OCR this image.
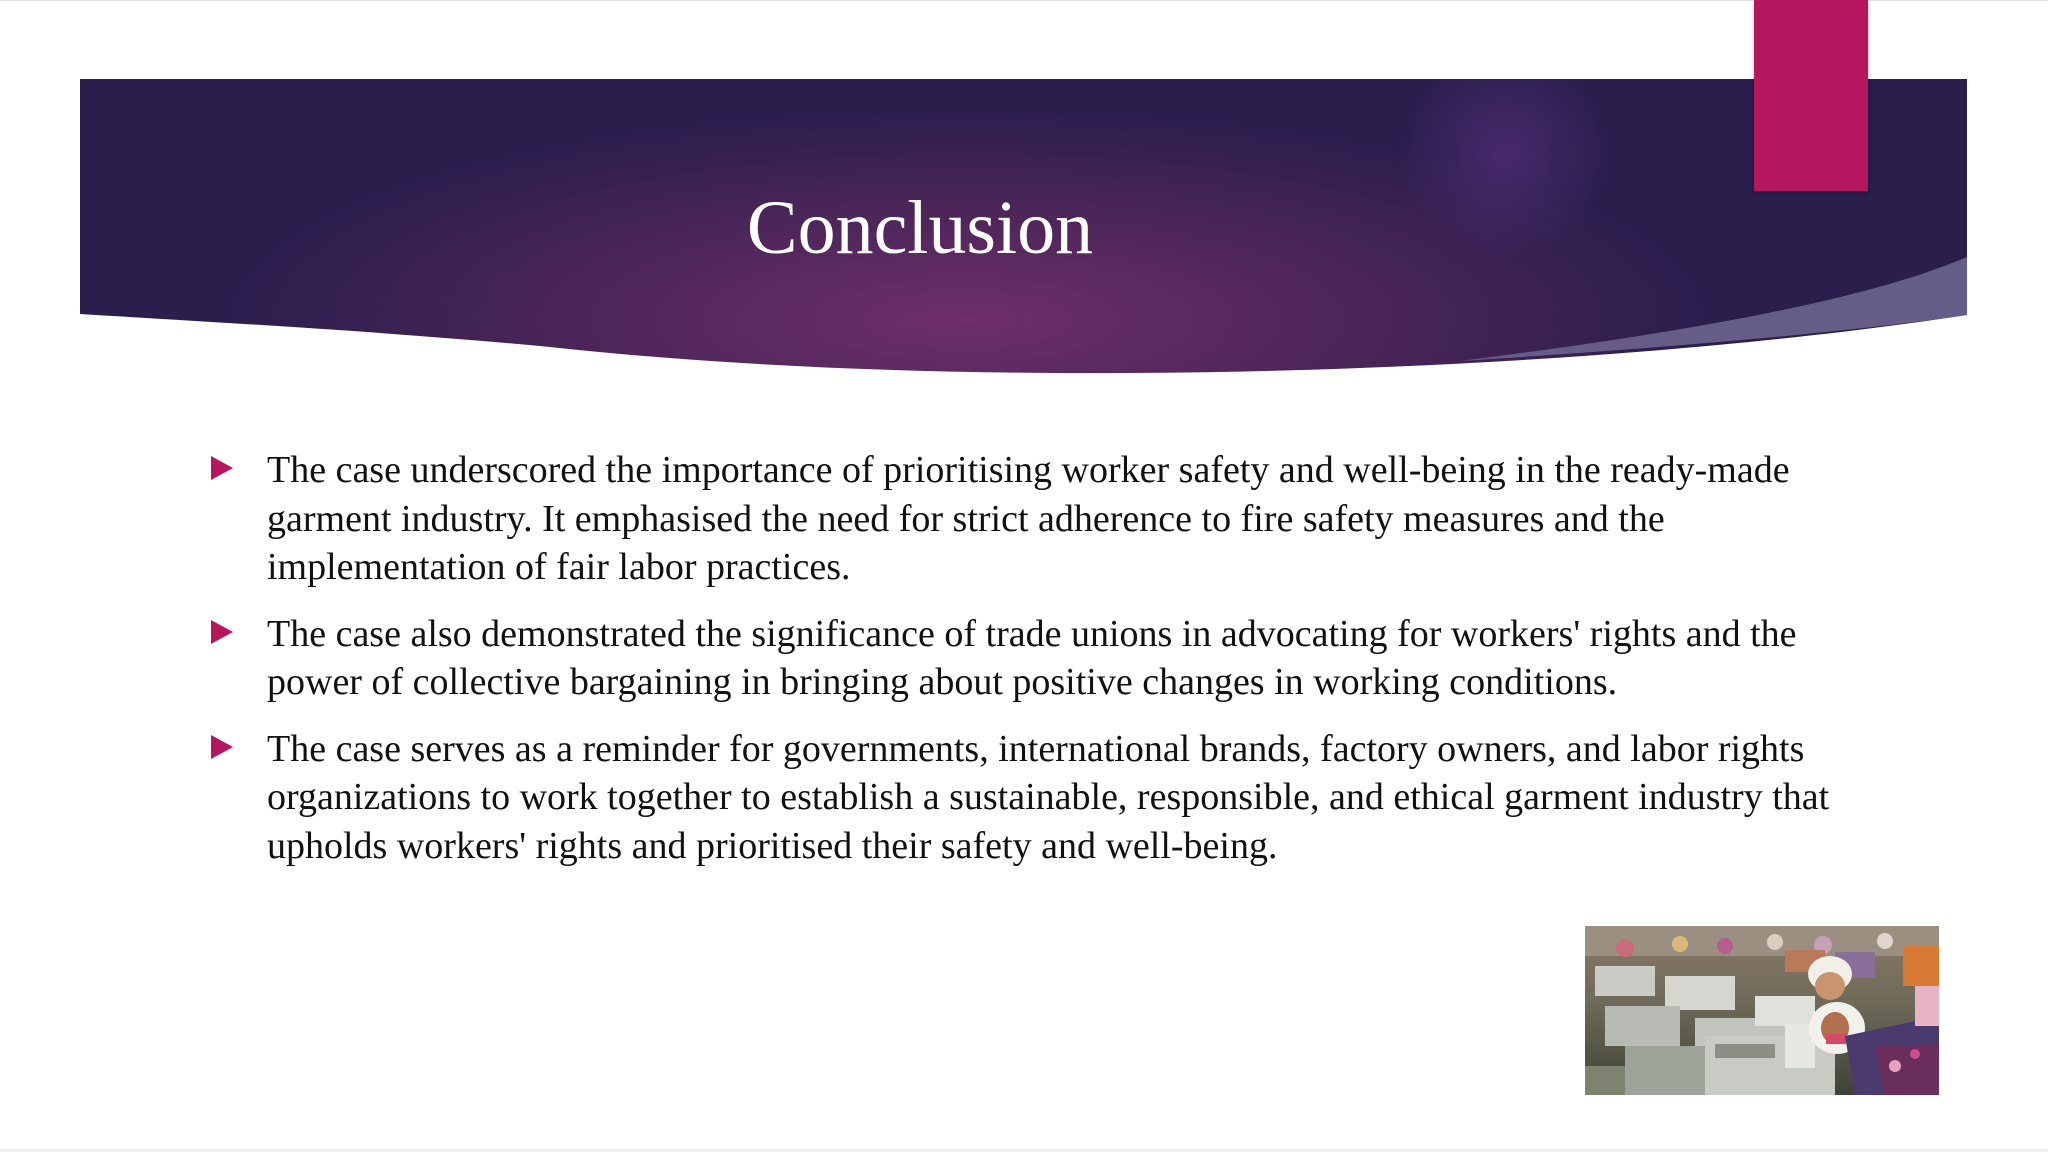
Conclusion
The case underscored the importance of prioritising worker safety and well-being in the ready-made garment industry. It emphasised the need for strict adherence to fire safety measures and the implementation of fair labor practices.
The case also demonstrated the significance of trade unions in advocating for workers' rights and the power of collective bargaining in bringing about positive changes in working conditions.
The case serves as a reminder for governments, international brands, factory owners, and labor rights organizations to work together to establish a sustainable, responsible, and ethical garment industry that upholds workers' rights and prioritised their safety and well-being.
